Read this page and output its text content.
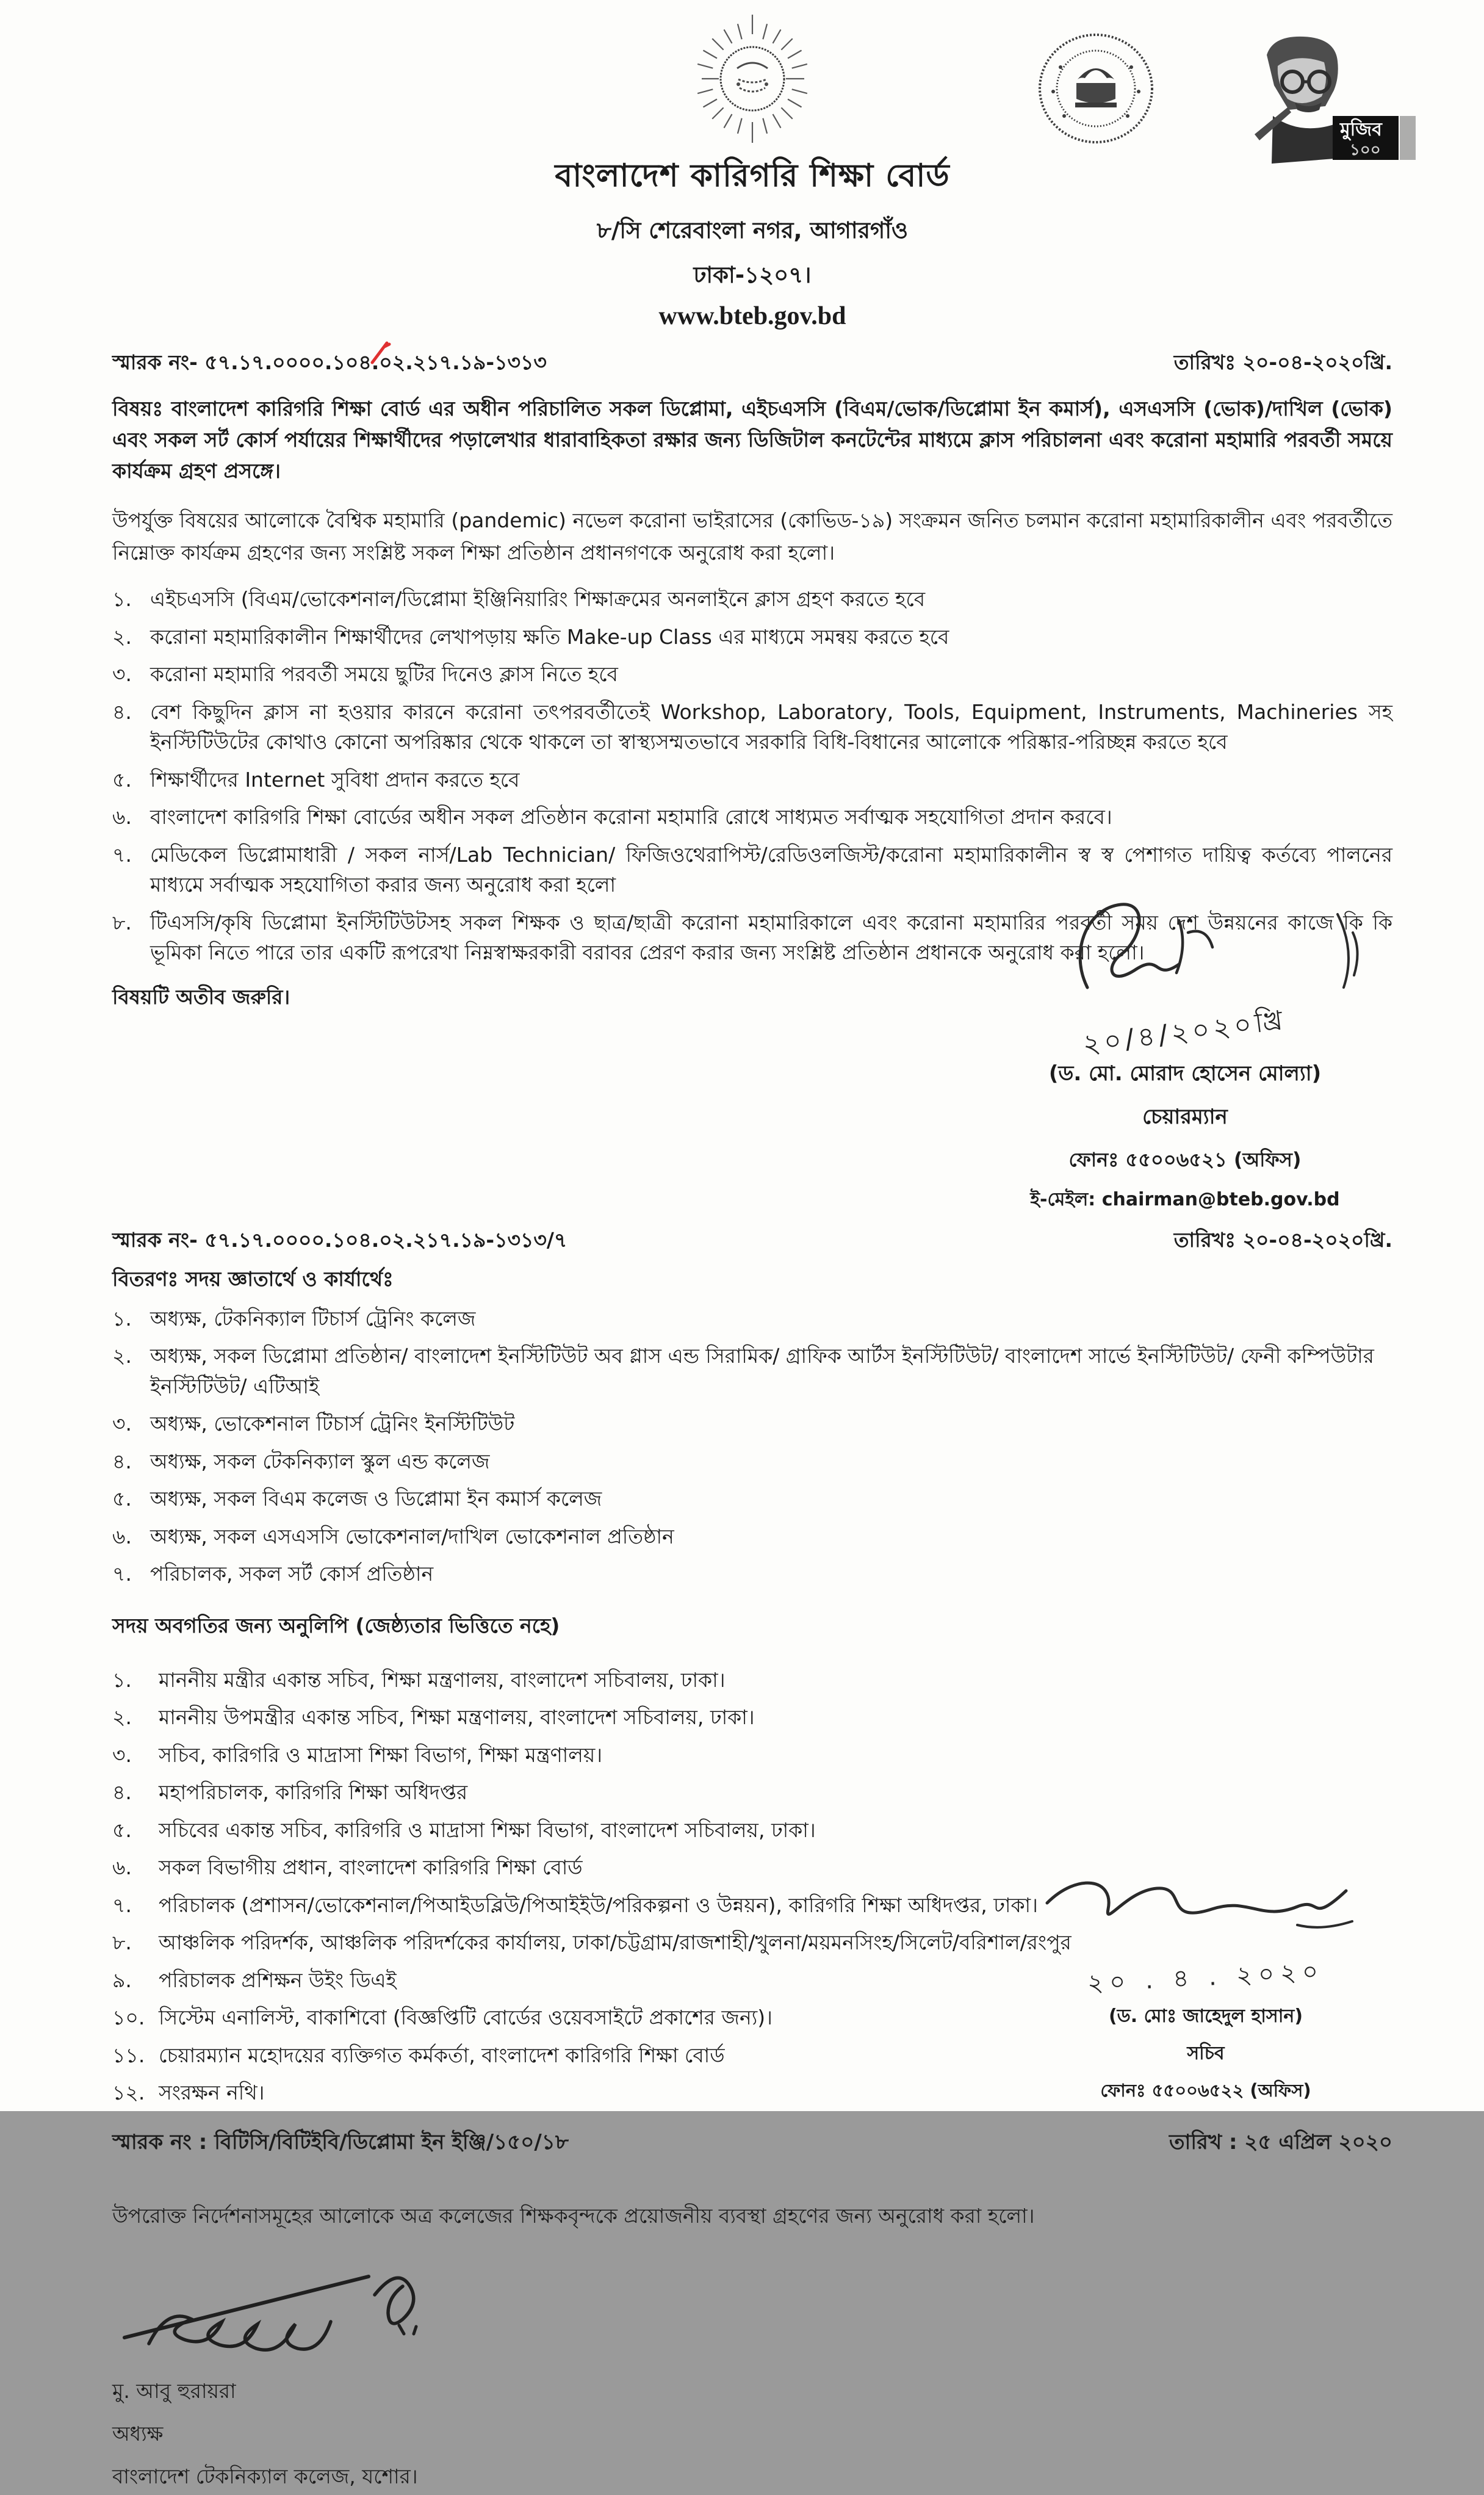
মুজিব
১০০
বাংলাদেশ কারিগরি শিক্ষা বোর্ড
৮/সি শেরেবাংলা নগর, আগারগাঁও
ঢাকা-১২০৭।
www.bteb.gov.bd
স্মারক নং- ৫৭.১৭.০০০০.১০৪.০২.২১৭.১৯-১৩১৩	তারিখঃ ২০-০৪-২০২০খ্রি.
বিষয়ঃ বাংলাদেশ কারিগরি শিক্ষা বোর্ড এর অধীন পরিচালিত সকল ডিপ্লোমা, এইচএসসি (বিএম/ভোক/ডিপ্লোমা ইন কমার্স), এসএসসি (ভোক)/দাখিল (ভোক) এবং সকল সর্ট কোর্স পর্যায়ের শিক্ষার্থীদের পড়ালেখার ধারাবাহিকতা রক্ষার জন্য ডিজিটাল কনটেন্টের মাধ্যমে ক্লাস পরিচালনা এবং করোনা মহামারি পরবর্তী সময়ে কার্যক্রম গ্রহণ প্রসঙ্গে।
উপর্যুক্ত বিষয়ের আলোকে বৈশ্বিক মহামারি (pandemic) নভেল করোনা ভাইরাসের (কোভিড-১৯) সংক্রমন জনিত চলমান করোনা মহামারিকালীন এবং পরবর্তীতে নিম্নোক্ত কার্যক্রম গ্রহণের জন্য সংশ্লিষ্ট সকল শিক্ষা প্রতিষ্ঠান প্রধানগণকে অনুরোধ করা হলো।
১. এইচএসসি (বিএম/ভোকেশনাল/ডিপ্লোমা ইঞ্জিনিয়ারিং শিক্ষাক্রমের অনলাইনে ক্লাস গ্রহণ করতে হবে
২. করোনা মহামারিকালীন শিক্ষার্থীদের লেখাপড়ায় ক্ষতি Make-up Class এর মাধ্যমে সমন্বয় করতে হবে
৩. করোনা মহামারি পরবর্তী সময়ে ছুটির দিনেও ক্লাস নিতে হবে
৪. বেশ কিছুদিন ক্লাস না হওয়ার কারনে করোনা তৎপরবর্তীতেই Workshop, Laboratory, Tools, Equipment, Instruments, Machineries সহ ইনস্টিটিউটের কোথাও কোনো অপরিষ্কার থেকে থাকলে তা স্বাস্থ্যসম্মতভাবে সরকারি বিধি-বিধানের আলোকে পরিষ্কার-পরিচ্ছন্ন করতে হবে
৫. শিক্ষার্থীদের Internet সুবিধা প্রদান করতে হবে
৬. বাংলাদেশ কারিগরি শিক্ষা বোর্ডের অধীন সকল প্রতিষ্ঠান করোনা মহামারি রোধে সাধ্যমত সর্বাত্মক সহযোগিতা প্রদান করবে।
৭. মেডিকেল ডিপ্লোমাধারী / সকল নার্স/Lab Technician/ ফিজিওথেরাপিস্ট/রেডিওলজিস্ট/করোনা মহামারিকালীন স্ব স্ব পেশাগত দায়িত্ব কর্তব্যে পালনের মাধ্যমে সর্বাত্মক সহযোগিতা করার জন্য অনুরোধ করা হলো
৮. টিএসসি/কৃষি ডিপ্লোমা ইনস্টিটিউটসহ সকল শিক্ষক ও ছাত্র/ছাত্রী করোনা মহামারিকালে এবং করোনা মহামারির পরবর্তী সময় দেশ উন্নয়নের কাজে কি কি ভূমিকা নিতে পারে তার একটি রূপরেখা নিম্নস্বাক্ষরকারী বরাবর প্রেরণ করার জন্য সংশ্লিষ্ট প্রতিষ্ঠান প্রধানকে অনুরোধ করা হলো।
বিষয়টি অতীব জরুরি।
২০/৪/২০২০খ্রি
(ড. মো. মোরাদ হোসেন মোল্যা)
চেয়ারম্যান
ফোনঃ ৫৫০০৬৫২১ (অফিস)
ই-মেইল: chairman@bteb.gov.bd
স্মারক নং- ৫৭.১৭.০০০০.১০৪.০২.২১৭.১৯-১৩১৩/৭	তারিখঃ ২০-০৪-২০২০খ্রি.
বিতরণঃ সদয় জ্ঞাতার্থে ও কার্যার্থেঃ
১. অধ্যক্ষ, টেকনিক্যাল টিচার্স ট্রেনিং কলেজ
২. অধ্যক্ষ, সকল ডিপ্লোমা প্রতিষ্ঠান/ বাংলাদেশ ইনস্টিটিউট অব গ্লাস এন্ড সিরামিক/ গ্রাফিক আর্টস ইনস্টিটিউট/ বাংলাদেশ সার্ভে ইনস্টিটিউট/ ফেনী কম্পিউটার ইনস্টিটিউট/ এটিআই
৩. অধ্যক্ষ, ভোকেশনাল টিচার্স ট্রেনিং ইনস্টিটিউট
৪. অধ্যক্ষ, সকল টেকনিক্যাল স্কুল এন্ড কলেজ
৫. অধ্যক্ষ, সকল বিএম কলেজ ও ডিপ্লোমা ইন কমার্স কলেজ
৬. অধ্যক্ষ, সকল এসএসসি ভোকেশনাল/দাখিল ভোকেশনাল প্রতিষ্ঠান
৭. পরিচালক, সকল সর্ট কোর্স প্রতিষ্ঠান
সদয় অবগতির জন্য অনুলিপি (জেষ্ঠ্যতার ভিত্তিতে নহে)
১.	মাননীয় মন্ত্রীর একান্ত সচিব, শিক্ষা মন্ত্রণালয়, বাংলাদেশ সচিবালয়, ঢাকা।
২.	মাননীয় উপমন্ত্রীর একান্ত সচিব, শিক্ষা মন্ত্রণালয়, বাংলাদেশ সচিবালয়, ঢাকা।
৩.	সচিব, কারিগরি ও মাদ্রাসা শিক্ষা বিভাগ, শিক্ষা মন্ত্রণালয়।
৪.	মহাপরিচালক, কারিগরি শিক্ষা অধিদপ্তর
৫.	সচিবের একান্ত সচিব, কারিগরি ও মাদ্রাসা শিক্ষা বিভাগ, বাংলাদেশ সচিবালয়, ঢাকা।
৬.	সকল বিভাগীয় প্রধান, বাংলাদেশ কারিগরি শিক্ষা বোর্ড
৭.	পরিচালক (প্রশাসন/ভোকেশনাল/পিআইডব্লিউ/পিআইইউ/পরিকল্পনা ও উন্নয়ন), কারিগরি শিক্ষা অধিদপ্তর, ঢাকা।
৮.	আঞ্চলিক পরিদর্শক, আঞ্চলিক পরিদর্শকের কার্যালয়, ঢাকা/চট্টগ্রাম/রাজশাহী/খুলনা/ময়মনসিংহ/সিলেট/বরিশাল/রংপুর
৯.	পরিচালক প্রশিক্ষন উইং ডিএই
১০. সিস্টেম এনালিস্ট, বাকাশিবো (বিজ্ঞপ্তিটি বোর্ডের ওয়েবসাইটে প্রকাশের জন্য)।
১১. চেয়ারম্যান মহোদয়ের ব্যক্তিগত কর্মকর্তা, বাংলাদেশ কারিগরি শিক্ষা বোর্ড
১২. সংরক্ষন নথি।
২০ . ৪ . ২০২০
(ড. মোঃ জাহেদুল হাসান)
সচিব
ফোনঃ ৫৫০০৬৫২২ (অফিস)
স্মারক নং : বিটিসি/বিটিইবি/ডিপ্লোমা ইন ইঞ্জি/১৫০/১৮	তারিখ : ২৫ এপ্রিল ২০২০
উপরোক্ত নির্দেশনাসমূহের আলোকে অত্র কলেজের শিক্ষকবৃন্দকে প্রয়োজনীয় ব্যবস্থা গ্রহণের জন্য অনুরোধ করা হলো।
মু. আবু হুরায়রা
অধ্যক্ষ
বাংলাদেশ টেকনিক্যাল কলেজ, যশোর।
